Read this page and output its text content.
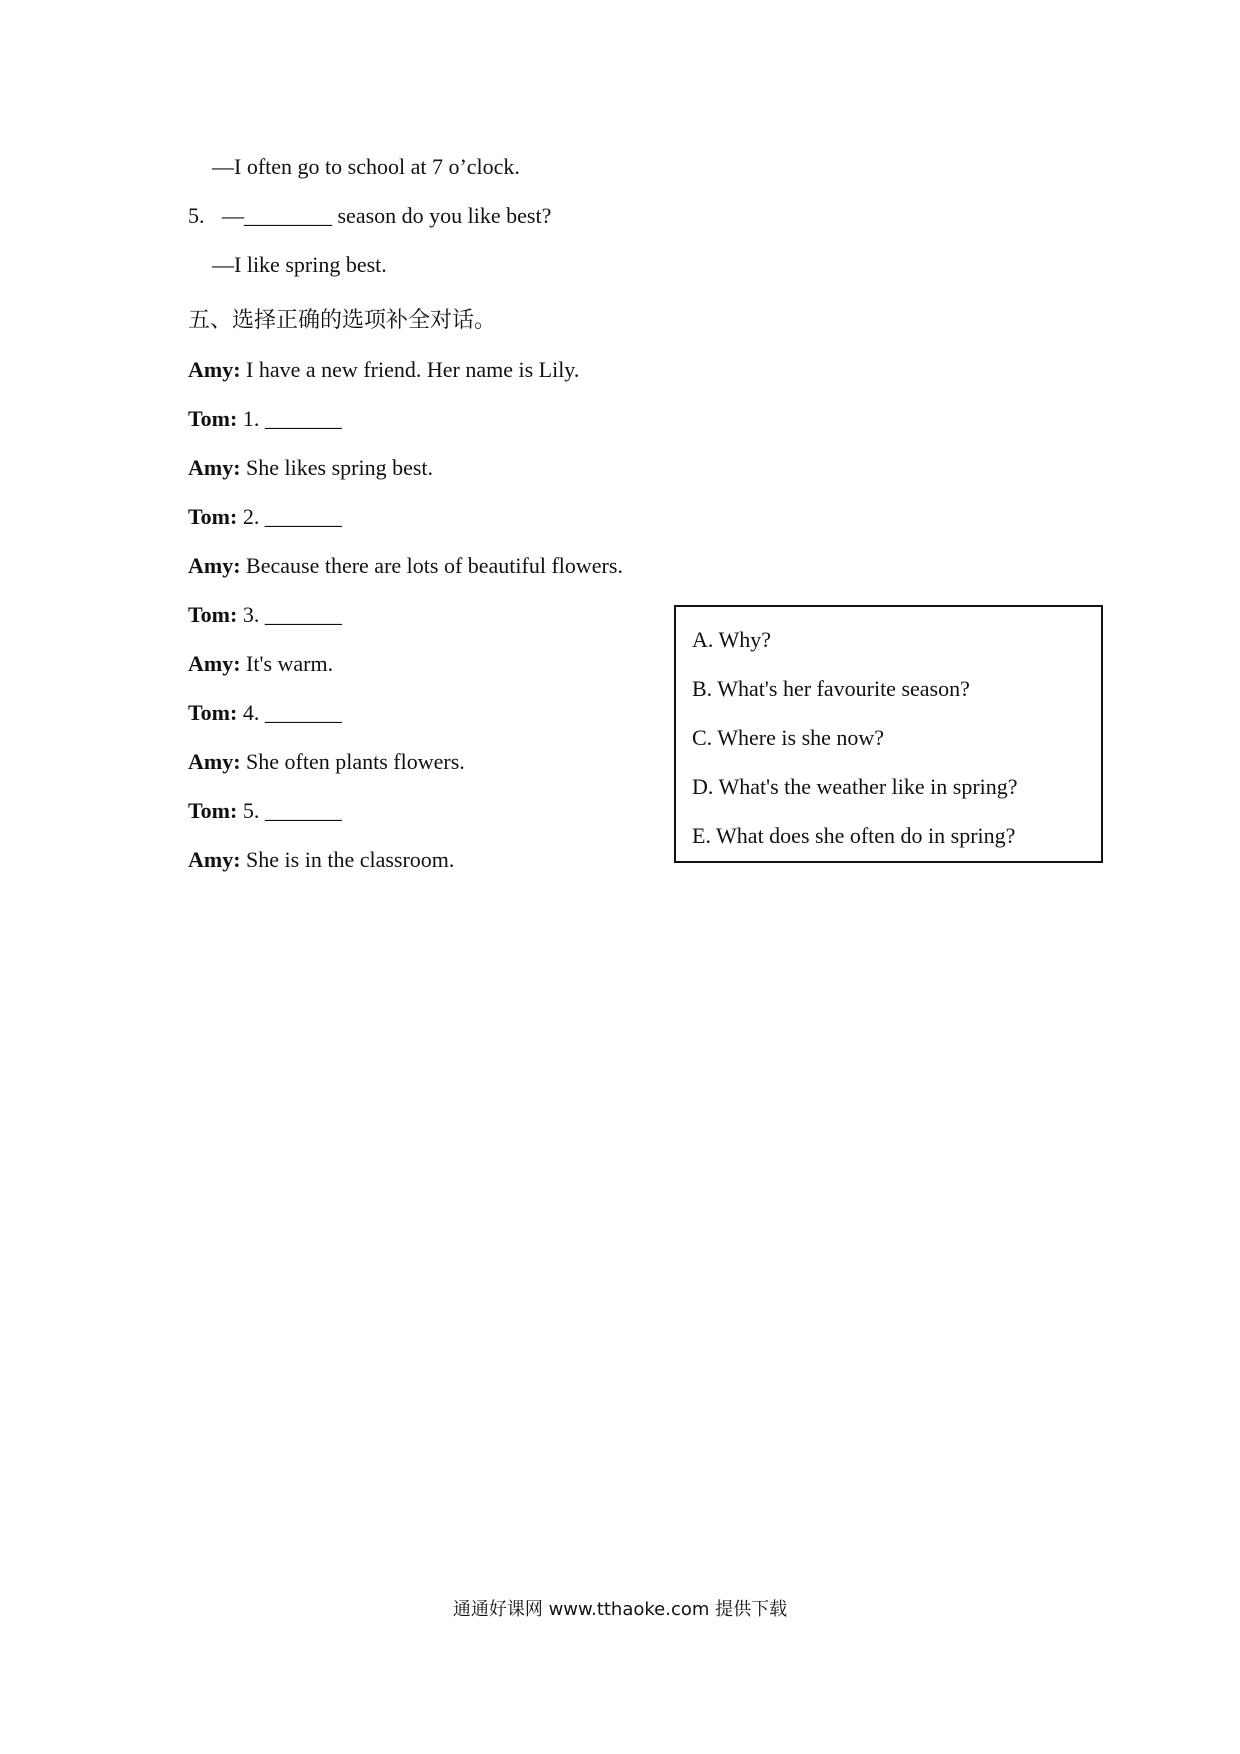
—I often go to school at 7 o’clock.
5. —________ season do you like best?
—I like spring best.
五、选择正确的选项补全对话。
Amy: I have a new friend. Her name is Lily.
Tom: 1. _______
Amy: She likes spring best.
Tom: 2. _______
Amy: Because there are lots of beautiful flowers.
Tom: 3. _______
Amy: It's warm.
Tom: 4. _______
Amy: She often plants flowers.
Tom: 5. _______
Amy: She is in the classroom.
A. Why?
B. What's her favourite season?
C. Where is she now?
D. What's the weather like in spring?
E. What does she often do in spring?
通通好课网 www.tthaoke.com 提供下载
